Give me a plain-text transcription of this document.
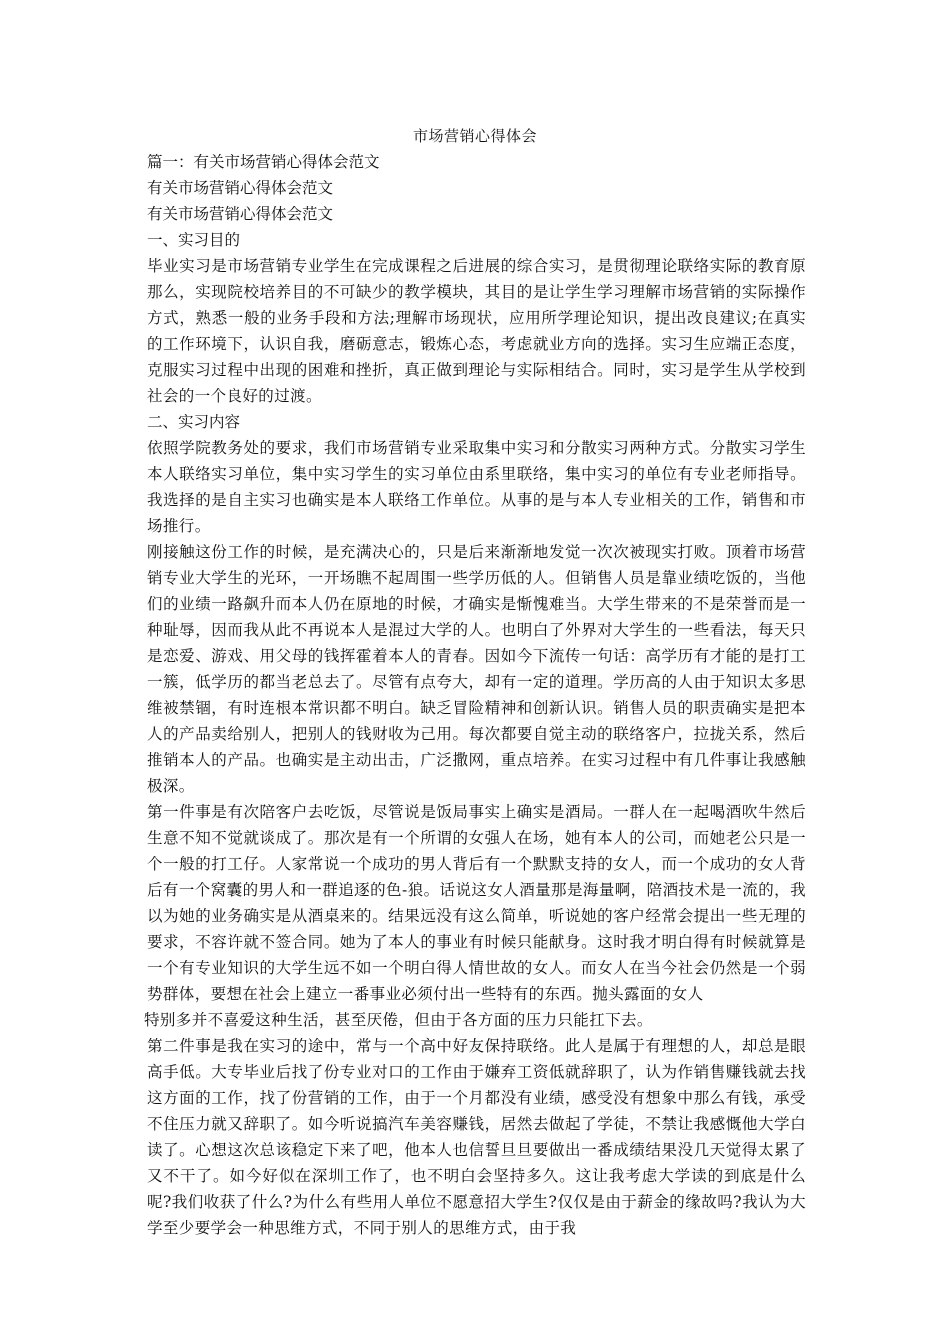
市场营销心得体会

篇一：有关市场营销心得体会范文

有关市场营销心得体会范文

有关市场营销心得体会范文

一、实习目的

毕业实习是市场营销专业学生在完成课程之后进展的综合实习，是贯彻理论联络实际的教育原那么，实现院校培养目的不可缺少的教学模块，其目的是让学生学习理解市场营销的实际操作方式，熟悉一般的业务手段和方法;理解市场现状，应用所学理论知识，提出改良建议;在真实的工作环境下，认识自我，磨砺意志，锻炼心态，考虑就业方向的选择。实习生应端正态度，克服实习过程中出现的困难和挫折，真正做到理论与实际相结合。同时，实习是学生从学校到社会的一个良好的过渡。

二、实习内容

依照学院教务处的要求，我们市场营销专业采取集中实习和分散实习两种方式。分散实习学生本人联络实习单位，集中实习学生的实习单位由系里联络，集中实习的单位有专业老师指导。我选择的是自主实习也确实是本人联络工作单位。从事的是与本人专业相关的工作，销售和市场推行。

刚接触这份工作的时候，是充满决心的，只是后来渐渐地发觉一次次被现实打败。顶着市场营销专业大学生的光环，一开场瞧不起周围一些学历低的人。但销售人员是靠业绩吃饭的，当他们的业绩一路飙升而本人仍在原地的时候，才确实是惭愧难当。大学生带来的不是荣誉而是一种耻辱，因而我从此不再说本人是混过大学的人。也明白了外界对大学生的一些看法，每天只是恋爱、游戏、用父母的钱挥霍着本人的青春。因如今下流传一句话：高学历有才能的是打工一簇，低学历的都当老总去了。尽管有点夸大，却有一定的道理。学历高的人由于知识太多思维被禁锢，有时连根本常识都不明白。缺乏冒险精神和创新认识。销售人员的职责确实是把本人的产品卖给别人，把别人的钱财收为己用。每次都要自觉主动的联络客户，拉拢关系，然后推销本人的产品。也确实是主动出击，广泛撒网，重点培养。在实习过程中有几件事让我感触极深。

第一件事是有次陪客户去吃饭，尽管说是饭局事实上确实是酒局。一群人在一起喝酒吹牛然后生意不知不觉就谈成了。那次是有一个所谓的女强人在场，她有本人的公司，而她老公只是一个一般的打工仔。人家常说一个成功的男人背后有一个默默支持的女人，而一个成功的女人背后有一个窝囊的男人和一群追逐的色-狼。话说这女人酒量那是海量啊，陪酒技术是一流的，我以为她的业务确实是从酒桌来的。结果远没有这么简单，听说她的客户经常会提出一些无理的要求，不容许就不签合同。她为了本人的事业有时候只能献身。这时我才明白得有时候就算是一个有专业知识的大学生远不如一个明白得人情世故的女人。而女人在当今社会仍然是一个弱势群体，要想在社会上建立一番事业必须付出一些特有的东西。抛头露面的女人

特别多并不喜爱这种生活，甚至厌倦，但由于各方面的压力只能扛下去。

第二件事是我在实习的途中，常与一个高中好友保持联络。此人是属于有理想的人，却总是眼高手低。大专毕业后找了份专业对口的工作由于嫌弃工资低就辞职了，认为作销售赚钱就去找这方面的工作，找了份营销的工作，由于一个月都没有业绩，感受没有想象中那么有钱，承受不住压力就又辞职了。如今听说搞汽车美容赚钱，居然去做起了学徒，不禁让我感慨他大学白读了。心想这次总该稳定下来了吧，他本人也信誓旦旦要做出一番成绩结果没几天觉得太累了又不干了。如今好似在深圳工作了，也不明白会坚持多久。这让我考虑大学读的到底是什么呢?我们收获了什么?为什么有些用人单位不愿意招大学生?仅仅是由于薪金的缘故吗?我认为大学至少要学会一种思维方式，不同于别人的思维方式，由于我
